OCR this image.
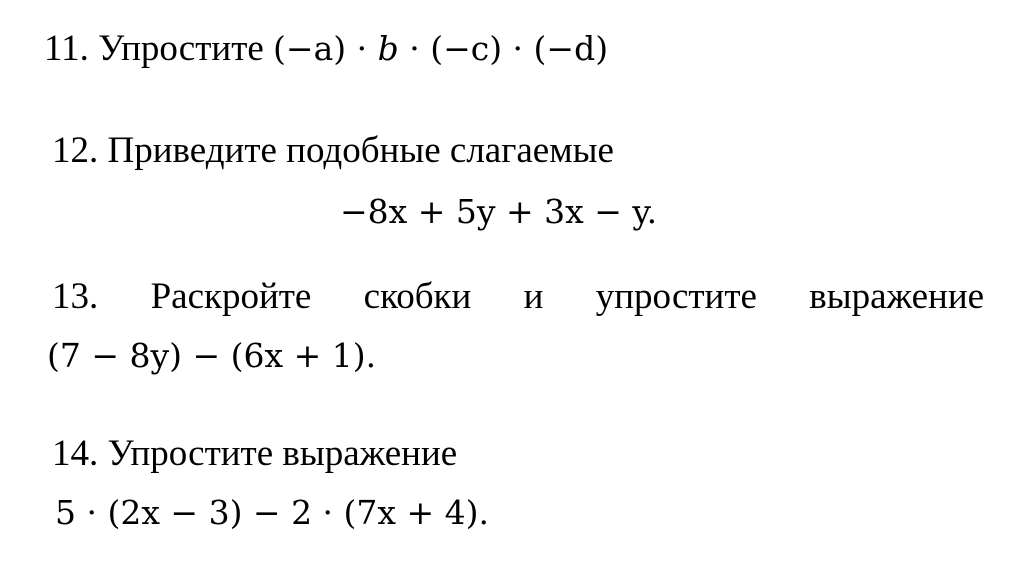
11. Упростите (−a) · b · (−c) · (−d)
12. Приведите подобные слагаемые
−8x + 5y + 3x − y.
13. Раскройте скобки и упростите выражение
(7 − 8y) − (6x + 1).
14. Упростите выражение
5 · (2x − 3) − 2 · (7x + 4).
